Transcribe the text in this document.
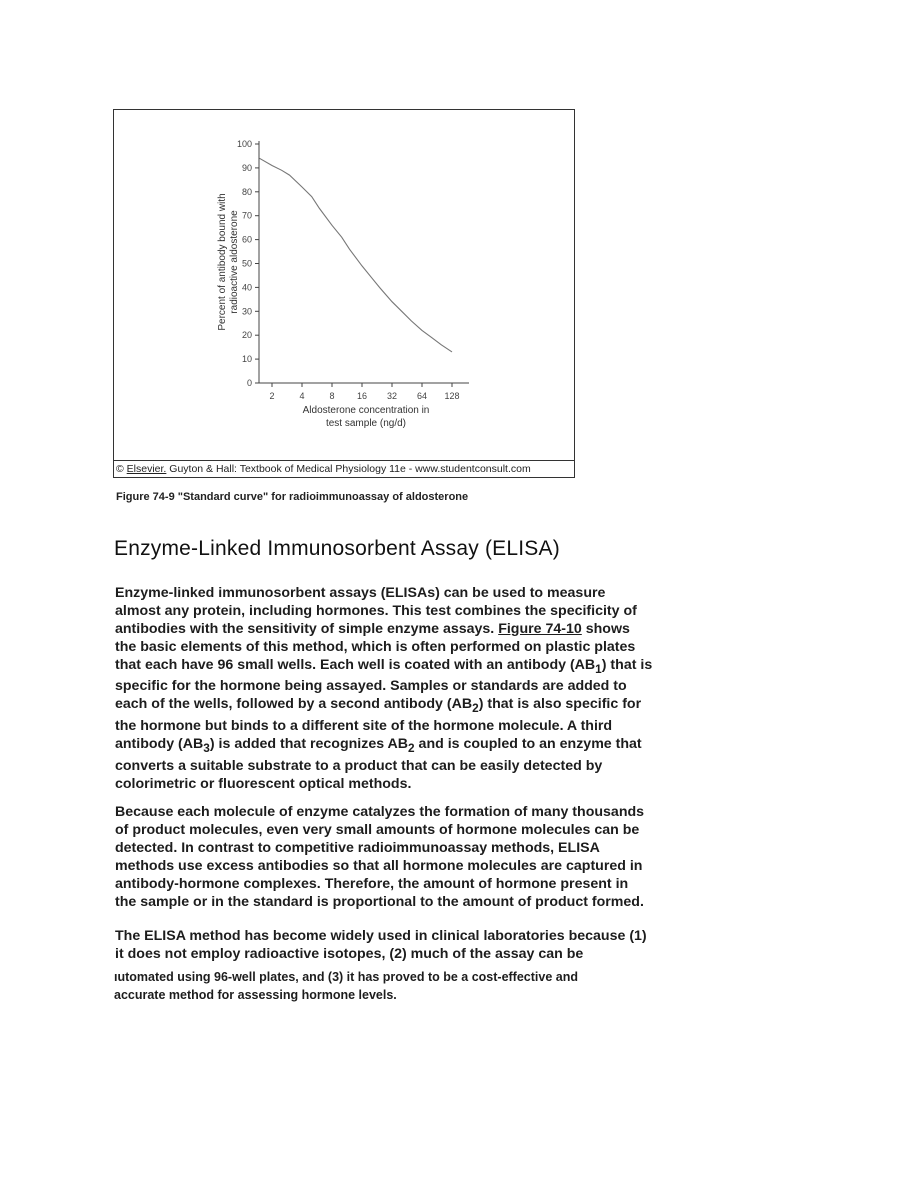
0
10
20
30
40
50
60
70
80
90
100
2	4	8 16 32 64 128
Percent of antibody bound with radioactive aldosterone
Aldosterone concentration in
test sample (ng/d)
© Elsevier. Guyton & Hall: Textbook of Medical Physiology 11e - www.studentconsult.com
Figure 74-9 "Standard curve" for radioimmunoassay of aldosterone
Enzyme-Linked Immunosorbent Assay (ELISA)
Enzyme-linked immunosorbent assays (ELISAs) can be used to measure
almost any protein, including hormones. This test combines the specificity of
antibodies with the sensitivity of simple enzyme assays. Figure 74-10 shows
the basic elements of this method, which is often performed on plastic plates
that each have 96 small wells. Each well is coated with an antibody $(AB_1)$ that is
specific for the hormone being assayed. Samples or standards are added to
each of the wells, followed by a second antibody $(AB_2)$ that is also specific for
the hormone but binds to a different site of the hormone molecule. A third
antibody $(AB_3)$ is added that recognizes $AB_2$ and is coupled to an enzyme that
converts a suitable substrate to a product that can be easily detected by
colorimetric or fluorescent optical methods.
Because each molecule of enzyme catalyzes the formation of many thousands
of product molecules, even very small amounts of hormone molecules can be
detected. In contrast to competitive radioimmunoassay methods, ELISA
methods use excess antibodies so that all hormone molecules are captured in
antibody-hormone complexes. Therefore, the amount of hormone present in
the sample or in the standard is proportional to the amount of product formed.
The ELISA method has become widely used in clinical laboratories because (1)
it does not employ radioactive isotopes, (2) much of the assay can be
ıutomated using 96-well plates, and (3) it has proved to be a cost-effective and
accurate method for assessing hormone levels.
